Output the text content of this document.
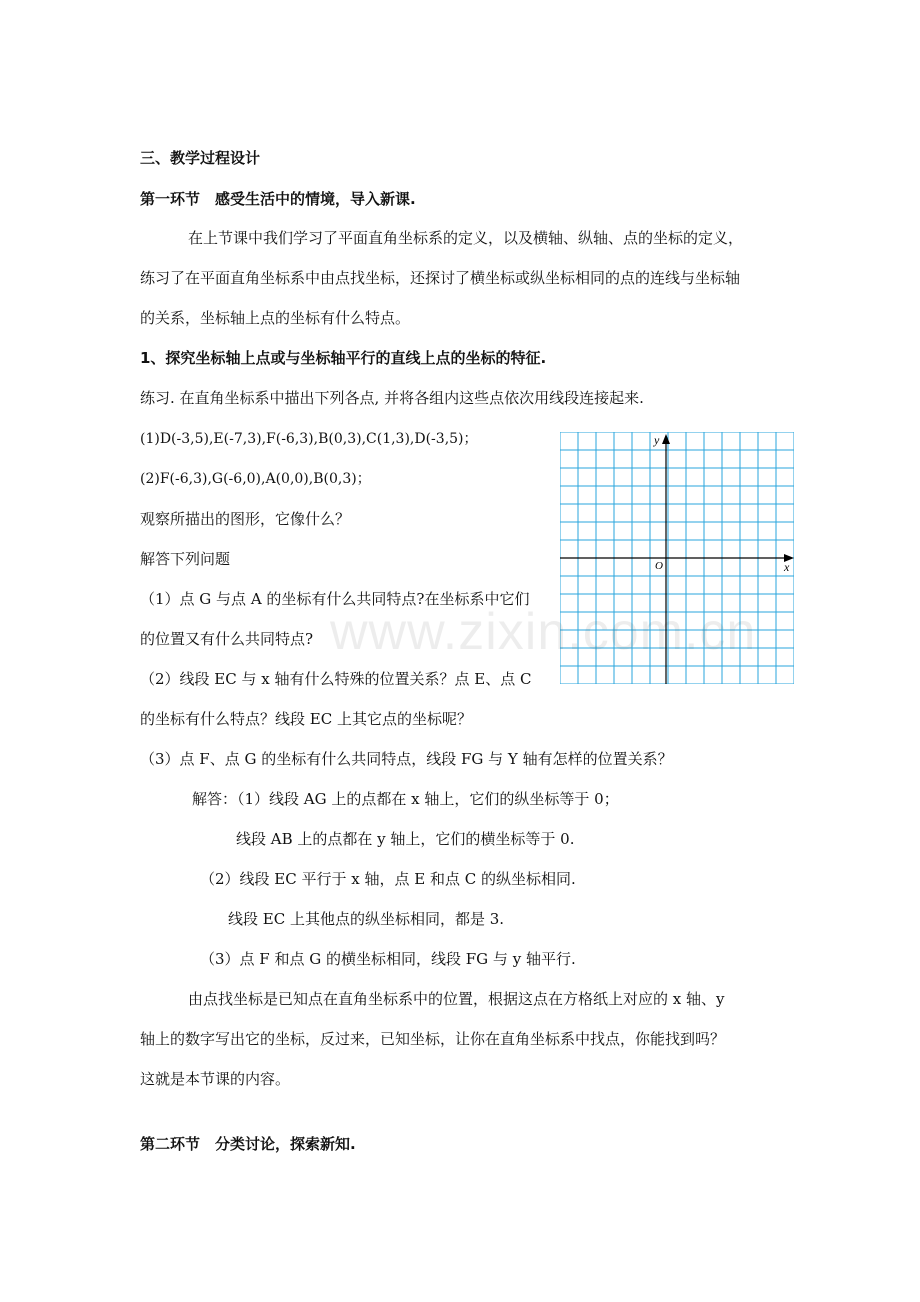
三、教学过程设计
第一环节　感受生活中的情境，导入新课.
在上节课中我们学习了平面直角坐标系的定义，以及横轴、纵轴、点的坐标的定义，
练习了在平面直角坐标系中由点找坐标，还探讨了横坐标或纵坐标相同的点的连线与坐标轴
的关系，坐标轴上点的坐标有什么特点。
1、探究坐标轴上点或与坐标轴平行的直线上点的坐标的特征.
练习. 在直角坐标系中描出下列各点, 并将各组内这些点依次用线段连接起来.
(1)D(-3,5),E(-7,3),F(-6,3),B(0,3),C(1,3),D(-3,5)；
(2)F(-6,3),G(-6,0),A(0,0),B(0,3)；
观察所描出的图形，它像什么？
解答下列问题
（1）点 G 与点 A 的坐标有什么共同特点?在坐标系中它们
的位置又有什么共同特点?
（2）线段 EC 与 x 轴有什么特殊的位置关系？点 E、点 C
的坐标有什么特点？线段 EC 上其它点的坐标呢？
（3）点 F、点 G 的坐标有什么共同特点，线段 FG 与 Y 轴有怎样的位置关系？
解答：（1）线段 AG 上的点都在 x 轴上，它们的纵坐标等于 0；
线段 AB 上的点都在 y 轴上，它们的横坐标等于 0.
（2）线段 EC 平行于 x 轴，点 E 和点 C 的纵坐标相同.
线段 EC 上其他点的纵坐标相同，都是 3.
（3）点 F 和点 G 的横坐标相同，线段 FG 与 y 轴平行.
由点找坐标是已知点在直角坐标系中的位置，根据这点在方格纸上对应的 x 轴、y
轴上的数字写出它的坐标，反过来，已知坐标，让你在直角坐标系中找点，你能找到吗？
这就是本节课的内容。
第二环节　分类讨论，探索新知.
y
x
O
www.zixin.com.cn
